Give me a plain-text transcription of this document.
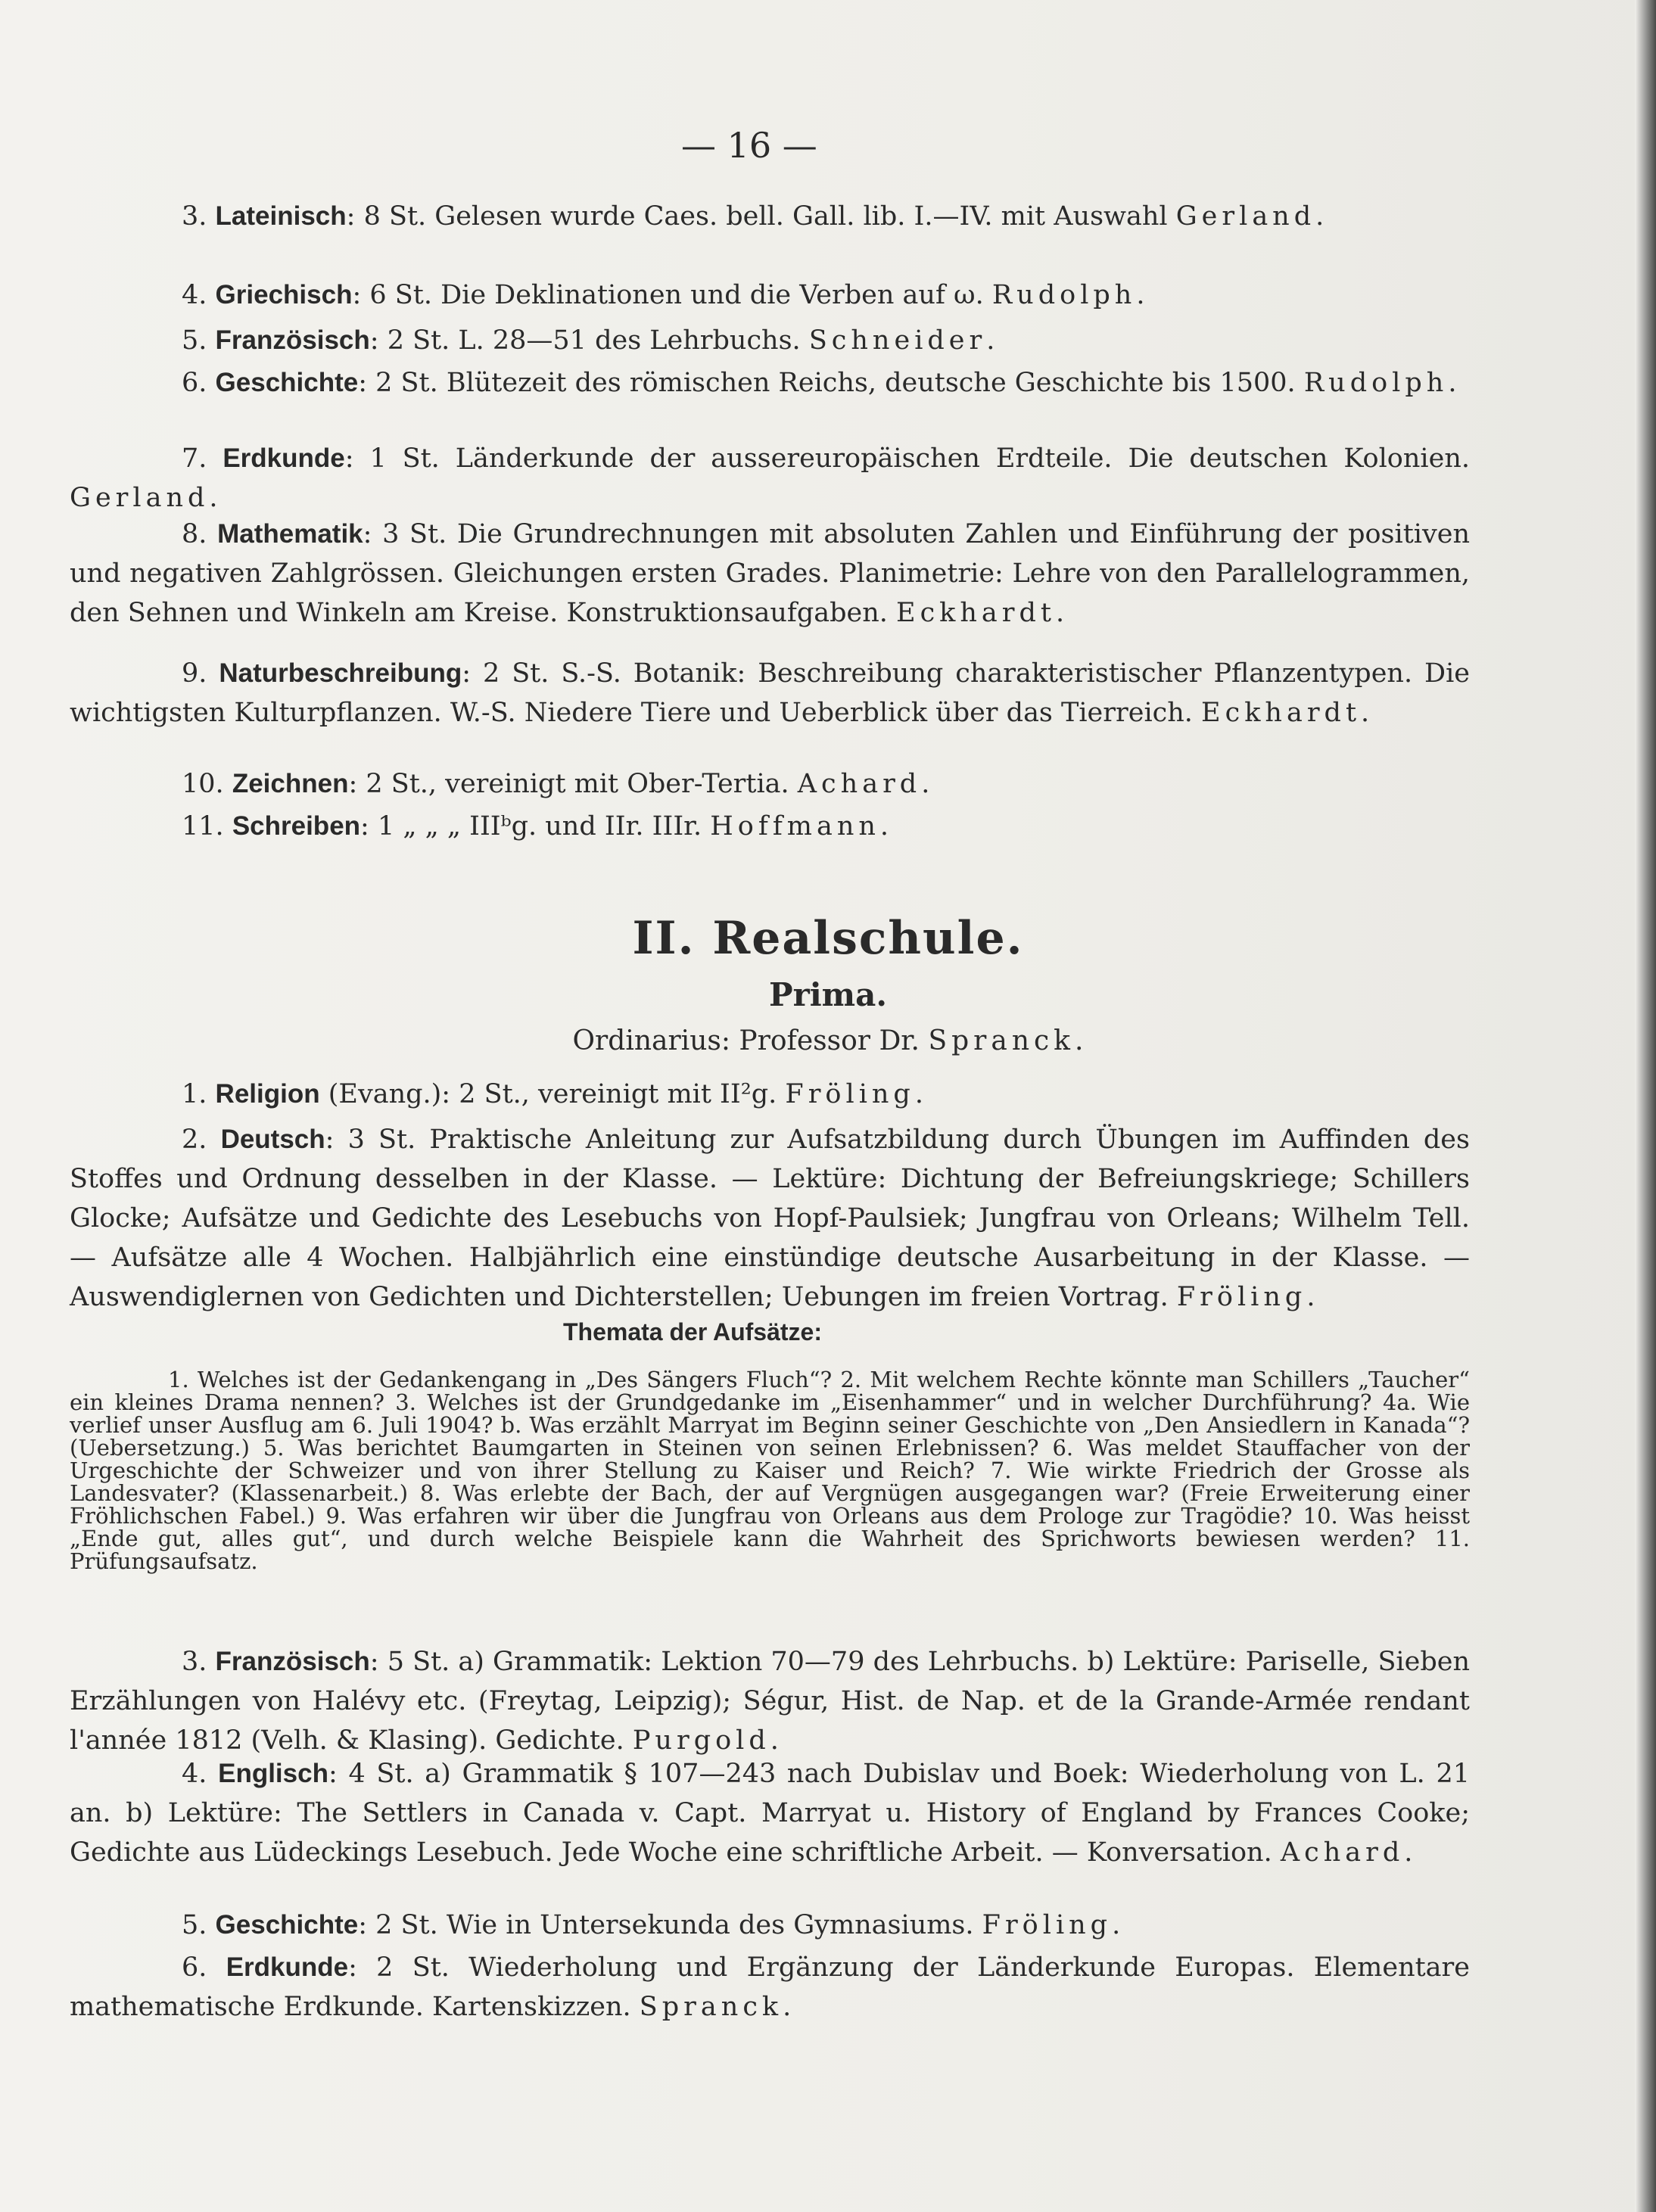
— 16 —
3. Lateinisch: 8 St. Gelesen wurde Caes. bell. Gall. lib. I.—IV. mit Auswahl Gerland.
4. Griechisch: 6 St. Die Deklinationen und die Verben auf ω. Rudolph.
5. Französisch: 2 St. L. 28—51 des Lehrbuchs. Schneider.
6. Geschichte: 2 St. Blütezeit des römischen Reichs, deutsche Geschichte bis 1500. Rudolph.
7. Erdkunde: 1 St. Länderkunde der aussereuropäischen Erdteile. Die deutschen Kolonien. Gerland.
8. Mathematik: 3 St. Die Grundrechnungen mit absoluten Zahlen und Einführung der positiven und negativen Zahlgrössen. Gleichungen ersten Grades. Planimetrie: Lehre von den Parallelogrammen, den Sehnen und Winkeln am Kreise. Konstruktionsaufgaben. Eckhardt.
9. Naturbeschreibung: 2 St. S.-S. Botanik: Beschreibung charakteristischer Pflanzentypen. Die wichtigsten Kulturpflanzen. W.-S. Niedere Tiere und Ueberblick über das Tierreich. Eckhardt.
10. Zeichnen: 2 St., vereinigt mit Ober-Tertia. Achard.
11. Schreiben: 1 „ „ „ IIIᵇg. und IIr. IIIr. Hoffmann.
II. Realschule.
Prima.
Ordinarius: Professor Dr. Spranck.
1. Religion (Evang.): 2 St., vereinigt mit II²g. Fröling.
2. Deutsch: 3 St. Praktische Anleitung zur Aufsatzbildung durch Übungen im Auffinden des Stoffes und Ordnung desselben in der Klasse. — Lektüre: Dichtung der Befreiungskriege; Schillers Glocke; Aufsätze und Gedichte des Lesebuchs von Hopf-Paulsiek; Jungfrau von Orleans; Wilhelm Tell. — Aufsätze alle 4 Wochen. Halbjährlich eine einstündige deutsche Ausarbeitung in der Klasse. — Auswendiglernen von Gedichten und Dichterstellen; Uebungen im freien Vortrag. Fröling.
Themata der Aufsätze:

1. Welches ist der Gedankengang in „Des Sängers Fluch“? 2. Mit welchem Rechte könnte man Schillers „Taucher“ ein kleines Drama nennen? 3. Welches ist der Grundgedanke im „Eisenhammer“ und in welcher Durchführung? 4a. Wie verlief unser Ausflug am 6. Juli 1904? b. Was erzählt Marryat im Beginn seiner Geschichte von „Den Ansiedlern in Kanada“? (Uebersetzung.) 5. Was berichtet Baumgarten in Steinen von seinen Erlebnissen? 6. Was meldet Stauffacher von der Urgeschichte der Schweizer und von ihrer Stellung zu Kaiser und Reich? 7. Wie wirkte Friedrich der Grosse als Landesvater? (Klassenarbeit.) 8. Was erlebte der Bach, der auf Vergnügen ausgegangen war? (Freie Erweiterung einer Fröhlichschen Fabel.) 9. Was erfahren wir über die Jungfrau von Orleans aus dem Prologe zur Tragödie? 10. Was heisst „Ende gut, alles gut“, und durch welche Beispiele kann die Wahrheit des Sprichworts bewiesen werden? 11. Prüfungsaufsatz.

3. Französisch: 5 St. a) Grammatik: Lektion 70—79 des Lehrbuchs. b) Lektüre: Pariselle, Sieben Erzählungen von Halévy etc. (Freytag, Leipzig); Ségur, Hist. de Nap. et de la Grande-Armée rendant l'année 1812 (Velh. & Klasing). Gedichte. Purgold.
4. Englisch: 4 St. a) Grammatik § 107—243 nach Dubislav und Boek: Wiederholung von L. 21 an. b) Lektüre: The Settlers in Canada v. Capt. Marryat u. History of England by Frances Cooke; Gedichte aus Lüdeckings Lesebuch. Jede Woche eine schriftliche Arbeit. — Konversation. Achard.
5. Geschichte: 2 St. Wie in Untersekunda des Gymnasiums. Fröling.
6. Erdkunde: 2 St. Wiederholung und Ergänzung der Länderkunde Europas. Elementare mathematische Erdkunde. Kartenskizzen. Spranck.
